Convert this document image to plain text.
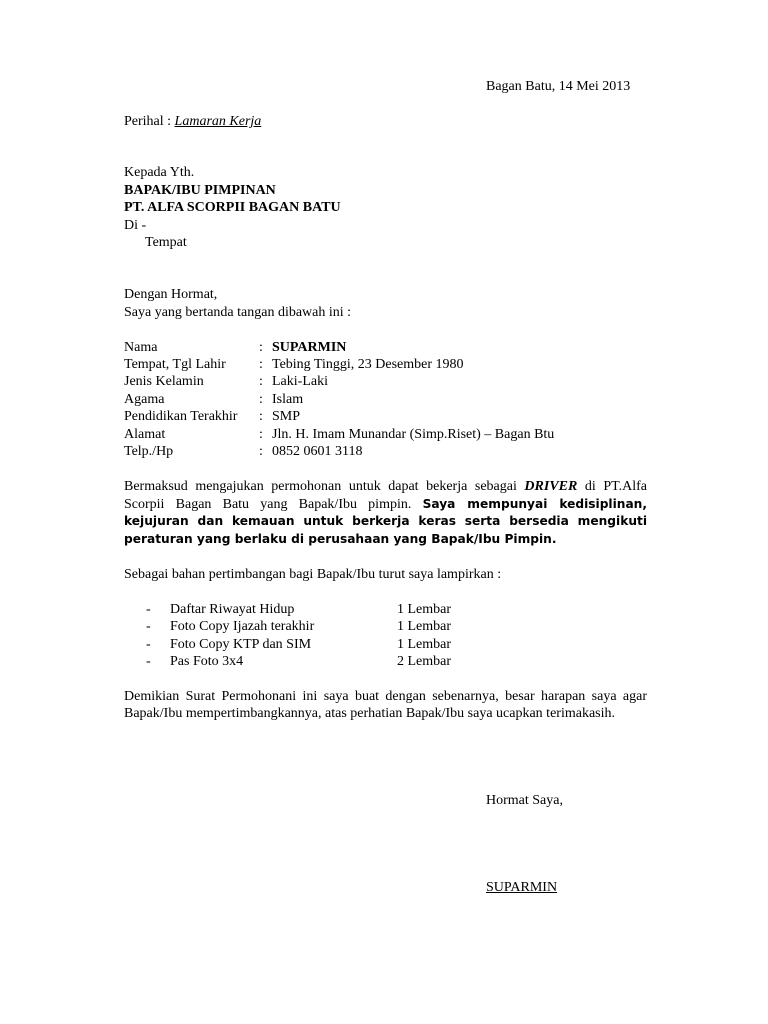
Bagan Batu, 14 Mei 2013
Perihal : Lamaran Kerja
Kepada Yth.
BAPAK/IBU PIMPINAN
PT. ALFA SCORPII BAGAN BATU
Di -
Tempat
Dengan Hormat,
Saya yang bertanda tangan dibawah ini :
Nama	: SUPARMIN
Tempat, Tgl Lahir : Tebing Tinggi, 23 Desember 1980
Jenis Kelamin	: Laki-Laki
Agama	: Islam
Pendidikan Terakhir : SMP
Alamat	: Jln. H. Imam Munandar (Simp.Riset) – Bagan Btu
Telp./Hp	: 0852 0601 3118
Bermaksud mengajukan permohonan untuk dapat bekerja sebagai DRIVER di PT.Alfa Scorpii Bagan Batu yang Bapak/Ibu pimpin. Saya mempunyai kedisiplinan, kejujuran dan kemauan untuk berkerja keras serta bersedia mengikuti peraturan yang berlaku di perusahaan yang Bapak/Ibu Pimpin.
Sebagai bahan pertimbangan bagi Bapak/Ibu turut saya lampirkan :
- Daftar Riwayat Hidup	1 Lembar
- Foto Copy Ijazah terakhir	1 Lembar
- Foto Copy KTP dan SIM	1 Lembar
- Pas Foto 3x4	2 Lembar
Demikian Surat Permohonani ini saya buat dengan sebenarnya, besar harapan saya agar Bapak/Ibu mempertimbangkannya, atas perhatian Bapak/Ibu saya ucapkan terimakasih.
Hormat Saya,
SUPARMIN
